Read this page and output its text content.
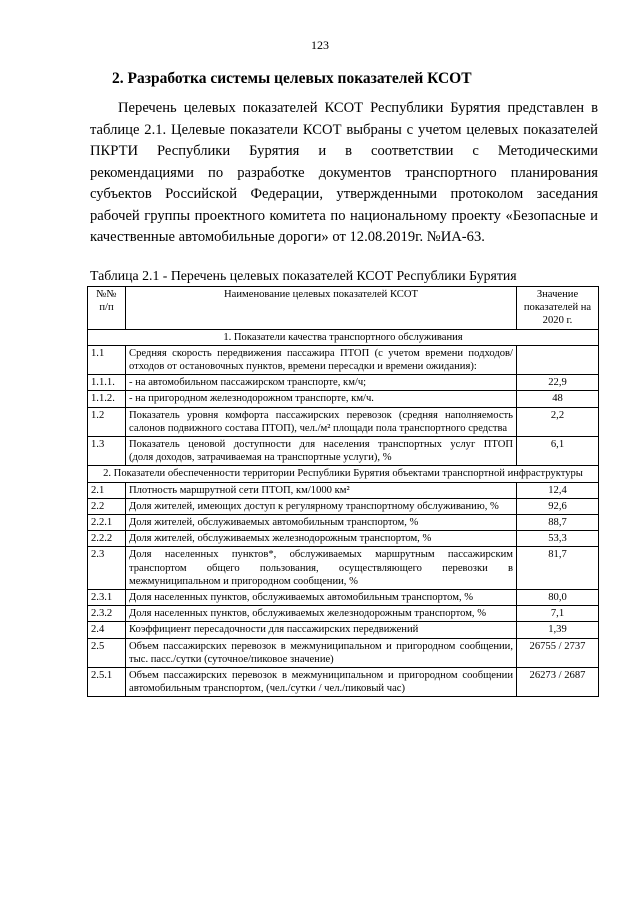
123
2. Разработка системы целевых показателей КСОТ

Перечень целевых показателей КСОТ Республики Бурятия представлен в таблице 2.1. Целевые показатели КСОТ выбраны с учетом целевых показателей ПКРТИ Республики Бурятия и в соответствии с Методическими рекомендациями по разработке документов транспортного планирования субъектов Российской Федерации, утвержденными протоколом заседания рабочей группы проектного комитета по национальному проекту «Безопасные и качественные автомобильные дороги» от 12.08.2019г. №ИА-63.

Таблица 2.1 - Перечень целевых показателей КСОТ Республики Бурятия
№№ п/п	Наименование целевых показателей КСОТ	Значение показателей на 2020 г.
1. Показатели качества транспортного обслуживания		
1.1	Средняя скорость передвижения пассажира ПТОП (с учетом времени подходов/отходов от остановочных пунктов, времени пересадки и времени ожидания):	
1.1.1.	- на автомобильном пассажирском транспорте, км/ч;	22,9
1.1.2.	- на пригородном железнодорожном транспорте, км/ч.	48
1.2	Показатель уровня комфорта пассажирских перевозок (средняя наполняемость салонов подвижного состава ПТОП), чел./м² площади пола транспортного средства	2,2
1.3	Показатель ценовой доступности для населения транспортных услуг ПТОП
(доля доходов, затрачиваемая на транспортные услуги), %	6,1
2. Показатели обеспеченности территории Республики Бурятия объектами транспортной инфраструктуры		
2.1	Плотность маршрутной сети ПТОП, км/1000 км²	12,4
2.2	Доля жителей, имеющих доступ к регулярному транспортному обслуживанию, %	92,6
2.2.1	Доля жителей, обслуживаемых автомобильным транспортом, %	88,7
2.2.2	Доля жителей, обслуживаемых железнодорожным транспортом, %	53,3
2.3	Доля населенных пунктов*, обслуживаемых маршрутным пассажирским транспортом общего пользования, осуществляющего перевозки в межмуниципальном и пригородном сообщении, %	81,7
2.3.1	Доля населенных пунктов, обслуживаемых автомобильным транспортом, %	80,0
2.3.2	Доля населенных пунктов, обслуживаемых железнодорожным транспортом, %	7,1
2.4	Коэффициент пересадочности для пассажирских передвижений	1,39
2.5	Объем пассажирских перевозок в межмуниципальном и пригородном сообщении, тыс. пасс./сутки (суточное/пиковое значение)	26755 / 2737
2.5.1	Объем пассажирских перевозок в межмуниципальном и пригородном сообщении автомобильным транспортом, (чел./сутки / чел./пиковый час)	26273 / 2687
